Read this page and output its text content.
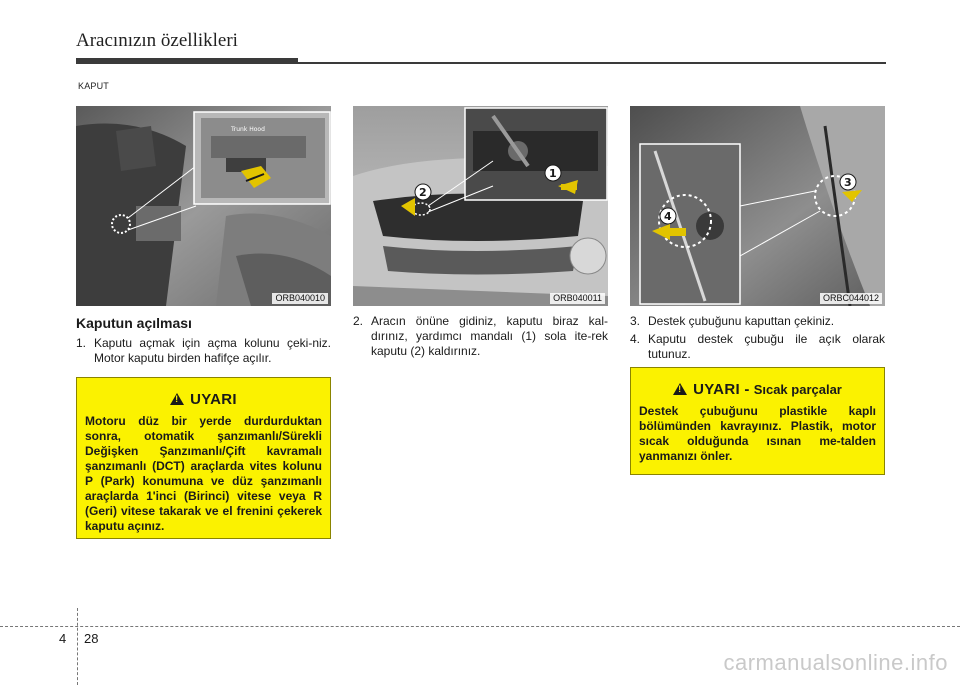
Aracınızın özellikleri
KAPUT
Trunk Hood
ORB040010
1
2
ORB040011
3
4
ORBC044012
Kaputun açılması
1. Kaputu açmak için açma kolunu çeki-niz. Motor kaputu birden hafifçe açılır.
2. Aracın önüne gidiniz, kaputu biraz kal-dırınız, yardımcı mandalı (1) sola ite-rek kaputu (2) kaldırınız.
3. Destek çubuğunu kaputtan çekiniz.
4. Kaputu destek çubuğu ile açık olarak tutunuz.
!
UYARI
Motoru düz bir yerde durdurduktan sonra, otomatik şanzımanlı/Sürekli Değişken Şanzımanlı/Çift kavramalı şanzımanlı (DCT) araçlarda vites kolunu P (Park) konumuna ve düz şanzımanlı araçlarda 1'inci (Birinci) vitese veya R (Geri) vitese takarak ve el frenini çekerek kaputu açınız.
!
UYARI - Sıcak parçalar
Destek çubuğunu plastikle kaplı bölümünden kavrayınız. Plastik, motor sıcak olduğunda ısınan me-talden yanmanızı önler.
4 28
carmanualsonline.info
